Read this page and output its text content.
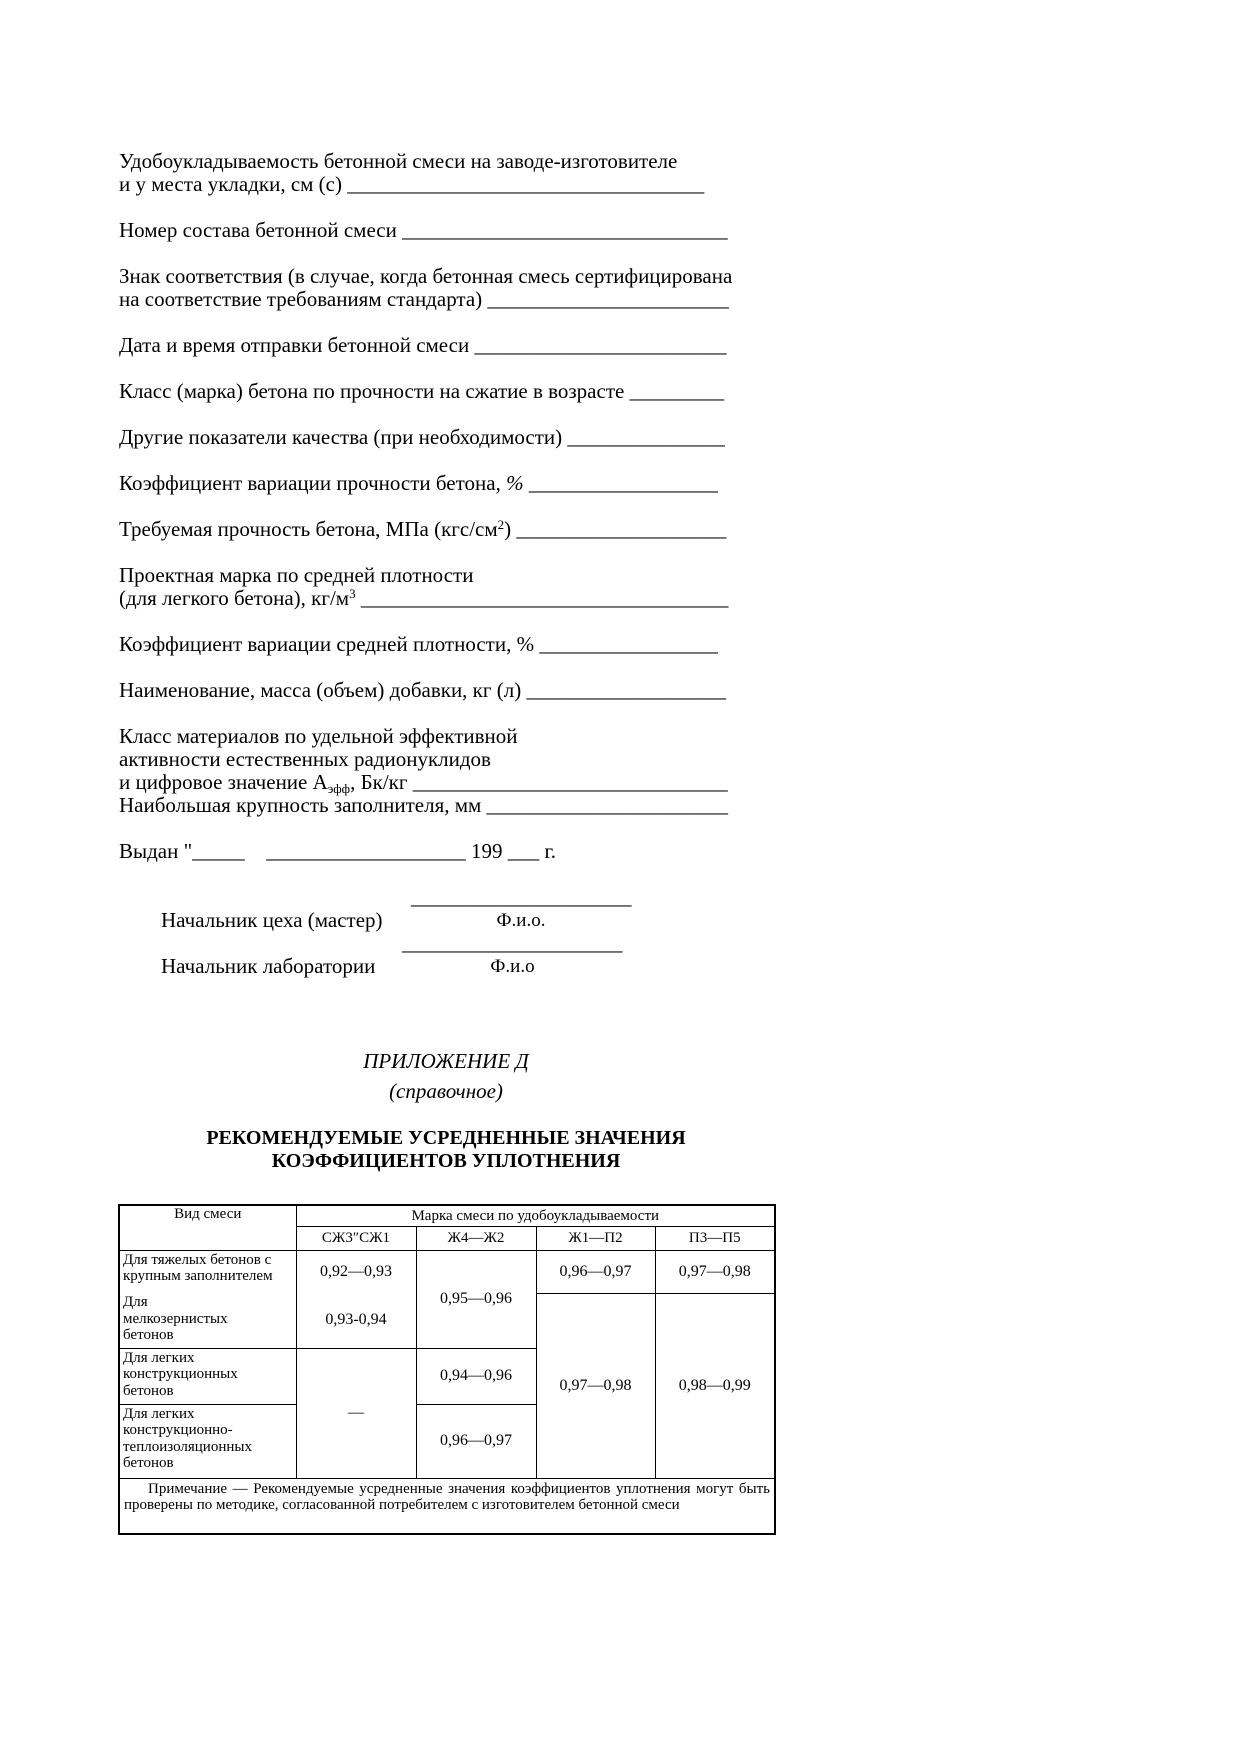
Удобоукладываемость бетонной смеси на заводе-изготовителе
и у места укладки, см (с) __________________________________
Номер состава бетонной смеси _______________________________
Знак соответствия (в случае, когда бетонная смесь сертифицирована
на соответствие требованиям стандарта) _______________________
Дата и время отправки бетонной смеси ________________________
Класс (марка) бетона по прочности на сжатие в возрасте _________
Другие показатели качества (при необходимости) _______________
Коэффициент вариации прочности бетона, % __________________
Требуемая прочность бетона, МПа $(кгс/см^2)$ ____________________
Проектная марка по средней плотности
(для легкого бетона), $кг/м^3$ ___________________________________
Коэффициент вариации средней плотности, % _________________
Наименование, масса (объем) добавки, кг (л) ___________________
Класс материалов по удельной эффективной
активности естественных радионуклидов
и цифровое значение $А_{эфф}$, Бк/кг ______________________________
Наибольшая крупность заполнителя, мм _______________________
Выдан "_____  ___________________ 199 ___ г.

Начальник цеха (мастер)

_____________________

Ф.и.о.

Начальник лаборатории

_____________________

Ф.и.о

ПРИЛОЖЕНИЕ Д
(справочное)
РЕКОМЕНДУЕМЫЕ УСРЕДНЕННЫЕ ЗНАЧЕНИЯ
КОЭФФИЦИЕНТОВ УПЛОТНЕНИЯ
Вид смеси	Марка смеси по удобоукладываемости			
	СЖ3″СЖ1	Ж4—Ж2	Ж1—П2	П3—П5
Для тяжелых бетонов с
крупным заполнителем	0,92—0,93	0,95—0,96	0,96—0,97	0,97—0,98
Для
мелкозернистых
бетонов	0,93-0,94		0,97—0,98	0,98—0,99
Для легких
конструкционных
бетонов	—	0,94—0,96		
Для легких
конструкционно-
теплоизоляционных
бетонов		0,96—0,97		
Примечание — Рекомендуемые усредненные значения коэффициентов уплотнения могут быть проверены по методике, согласованной потребителем с изготовителем бетонной смеси				
